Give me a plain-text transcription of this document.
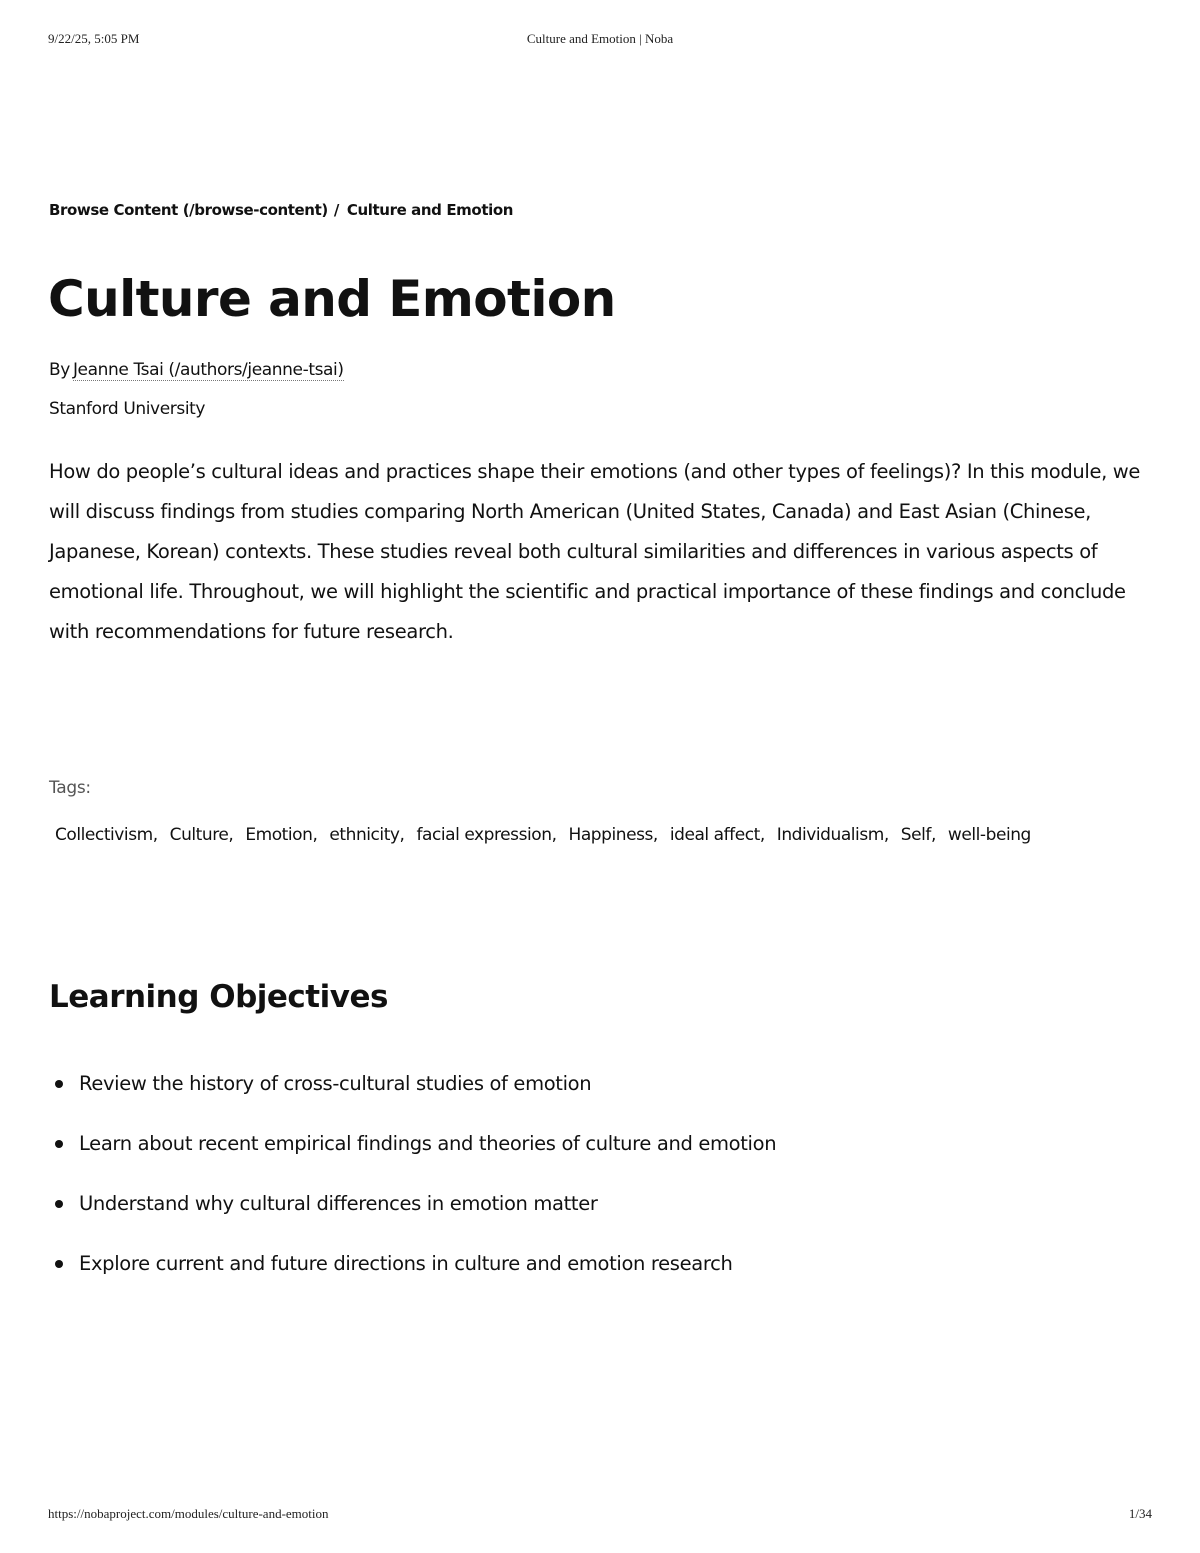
9/22/25, 5:05 PM	Culture and Emotion | Noba
Browse Content (/browse-content) / Culture and Emotion
Culture and Emotion
By Jeanne Tsai (/authors/jeanne-tsai)
Stanford University

How do people’s cultural ideas and practices shape their emotions (and other types of feelings)? In this module, we will discuss findings from studies comparing North American (United States, Canada) and East Asian (Chinese, Japanese, Korean) contexts. These studies reveal both cultural similarities and differences in various aspects of emotional life. Throughout, we will highlight the scientific and practical importance of these findings and conclude with recommendations for future research.

Tags:
Collectivism, Culture, Emotion, ethnicity, facial expression, Happiness, ideal affect, Individualism, Self, well-being
Learning Objectives
Review the history of cross-cultural studies of emotion
Learn about recent empirical findings and theories of culture and emotion
Understand why cultural differences in emotion matter
Explore current and future directions in culture and emotion research
https://nobaproject.com/modules/culture-and-emotion	1/34
